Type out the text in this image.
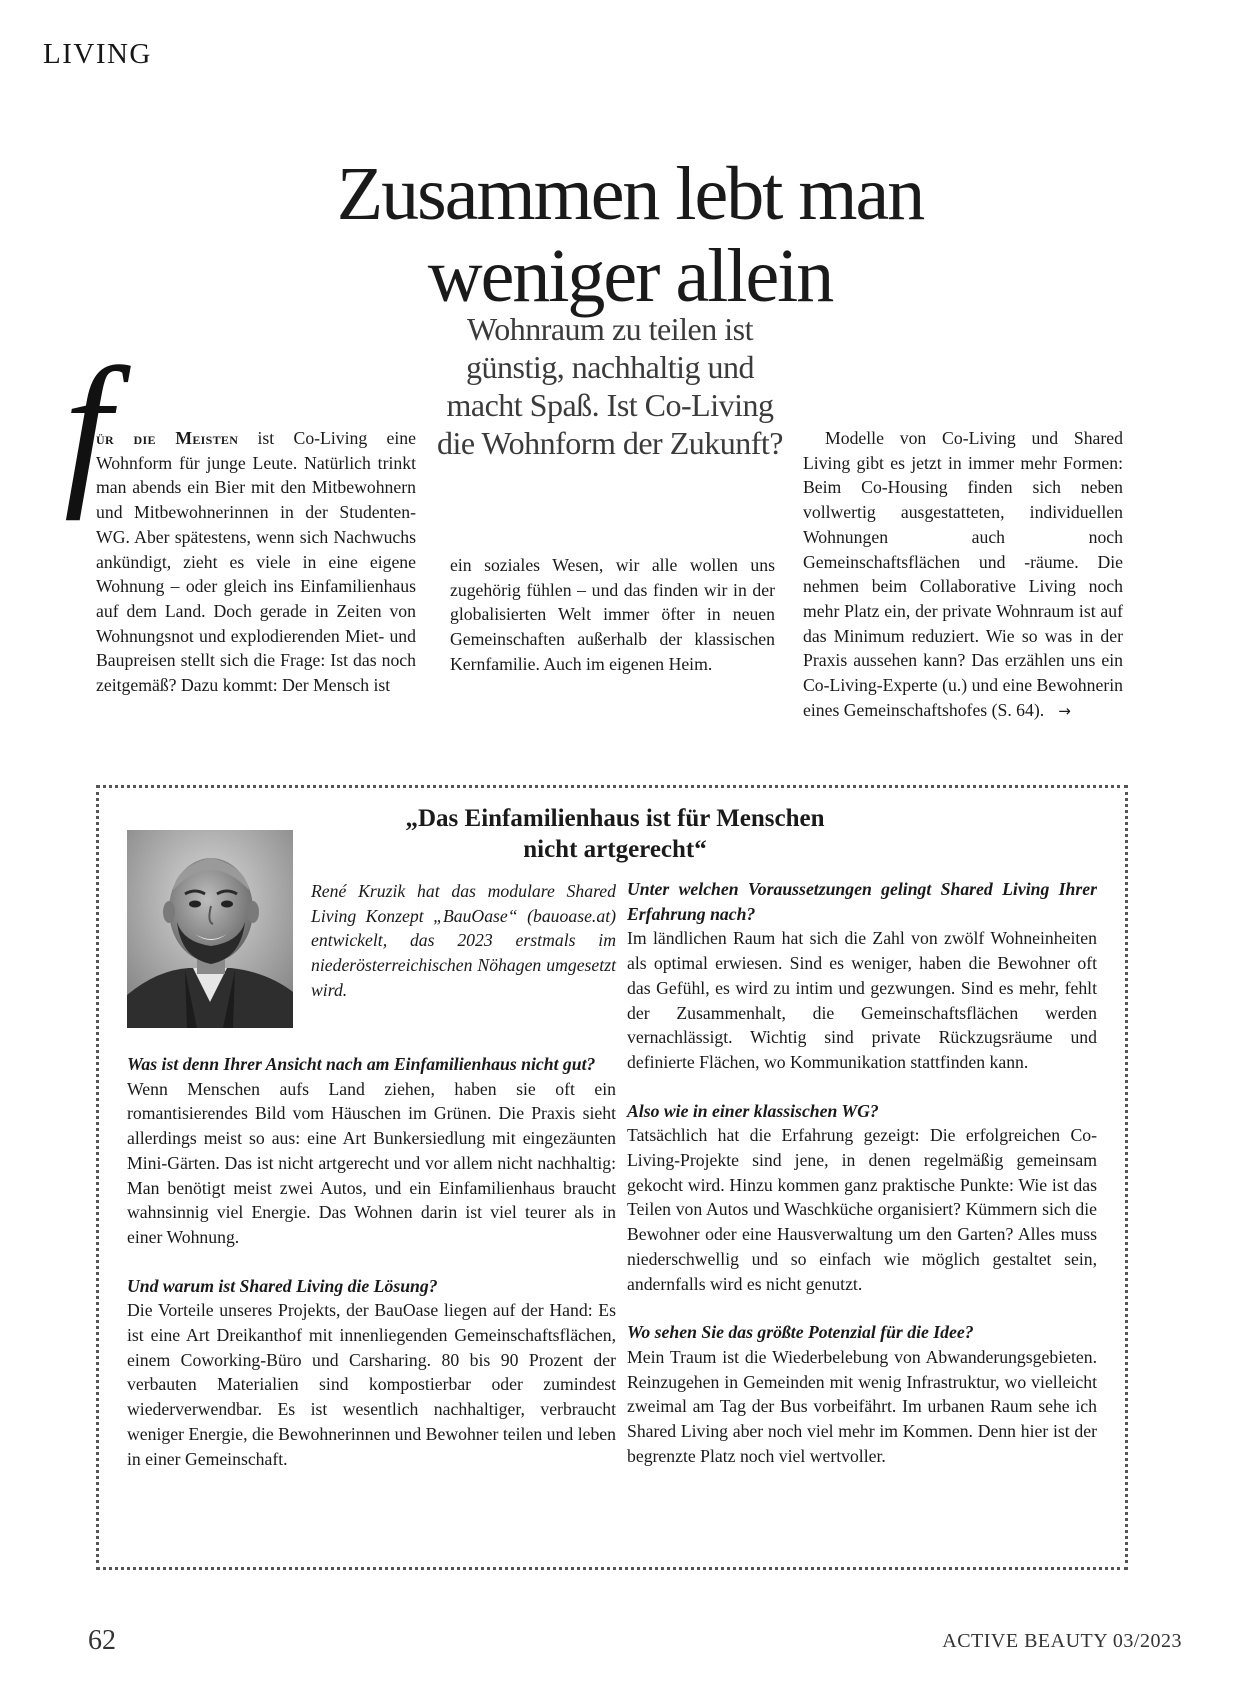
LIVING
Zusammen lebt man
weniger allein

Wohnraum zu teilen ist günstig, nachhaltig und macht Spaß. Ist Co-Living die Wohnform der Zukunft?

f

ür die Meisten ist Co-Living eine Wohnform für junge Leute. Natürlich trinkt man abends ein Bier mit den Mitbewohnern und Mitbewohnerinnen in der Studenten-WG. Aber spätestens, wenn sich Nachwuchs ankündigt, zieht es viele in eine eigene Wohnung – oder gleich ins Einfamilienhaus auf dem Land. Doch gerade in Zeiten von Wohnungsnot und explodierenden Miet- und Baupreisen stellt sich die Frage: Ist das noch zeitgemäß? Dazu kommt: Der Mensch ist

ein soziales Wesen, wir alle wollen uns zugehörig fühlen – und das finden wir in der globalisierten Welt immer öfter in neuen Gemeinschaften außerhalb der klassischen Kernfamilie. Auch im eigenen Heim.

Modelle von Co-Living und Shared Living gibt es jetzt in immer mehr Formen: Beim Co-Housing finden sich neben vollwertig ausgestatteten, individuellen Wohnungen auch noch Gemeinschaftsflächen und -räume. Die nehmen beim Collaborative Living noch mehr Platz ein, der private Wohnraum ist auf das Minimum reduziert. Wie so was in der Praxis aussehen kann? Das erzählen uns ein Co-Living-Experte (u.) und eine Bewohnerin eines Gemeinschaftshofes (S. 64). →

„Das Einfamilienhaus ist für Menschen
nicht artgerecht“

René Kruzik hat das modulare Shared Living Konzept „BauOase“ (bauoase.at) entwickelt, das 2023 erstmals im niederösterreichischen Nöhagen umgesetzt wird.

Was ist denn Ihrer Ansicht nach am Einfamilienhaus nicht gut?
Wenn Menschen aufs Land ziehen, haben sie oft ein romantisierendes Bild vom Häuschen im Grünen. Die Praxis sieht allerdings meist so aus: eine Art Bunkersiedlung mit eingezäunten Mini-Gärten. Das ist nicht artgerecht und vor allem nicht nachhaltig: Man benötigt meist zwei Autos, und ein Einfamilienhaus braucht wahnsinnig viel Energie. Das Wohnen darin ist viel teurer als in einer Wohnung.

Und warum ist Shared Living die Lösung?
Die Vorteile unseres Projekts, der BauOase liegen auf der Hand: Es ist eine Art Dreikanthof mit innenliegenden Gemeinschaftsflächen, einem Coworking-Büro und Carsharing. 80 bis 90 Prozent der verbauten Materialien sind kompostierbar oder zumindest wiederverwendbar. Es ist wesentlich nachhaltiger, verbraucht weniger Energie, die Bewohnerinnen und Bewohner teilen und leben in einer Gemeinschaft.

Unter welchen Voraussetzungen gelingt Shared Living Ihrer Erfahrung nach?
Im ländlichen Raum hat sich die Zahl von zwölf Wohneinheiten als optimal erwiesen. Sind es weniger, haben die Bewohner oft das Gefühl, es wird zu intim und gezwungen. Sind es mehr, fehlt der Zusammenhalt, die Gemeinschaftsflächen werden vernachlässigt. Wichtig sind private Rückzugsräume und definierte Flächen, wo Kommunikation stattfinden kann.

Also wie in einer klassischen WG?
Tatsächlich hat die Erfahrung gezeigt: Die erfolgreichen Co-Living-Projekte sind jene, in denen regelmäßig gemeinsam gekocht wird. Hinzu kommen ganz praktische Punkte: Wie ist das Teilen von Autos und Waschküche organisiert? Kümmern sich die Bewohner oder eine Hausverwaltung um den Garten? Alles muss niederschwellig und so einfach wie möglich gestaltet sein, andernfalls wird es nicht genutzt.

Wo sehen Sie das größte Potenzial für die Idee?
Mein Traum ist die Wiederbelebung von Abwanderungsgebieten. Reinzugehen in Gemeinden mit wenig Infrastruktur, wo vielleicht zweimal am Tag der Bus vorbeifährt. Im urbanen Raum sehe ich Shared Living aber noch viel mehr im Kommen. Denn hier ist der begrenzte Platz noch viel wertvoller.

62	ACTIVE BEAUTY 03/2023
